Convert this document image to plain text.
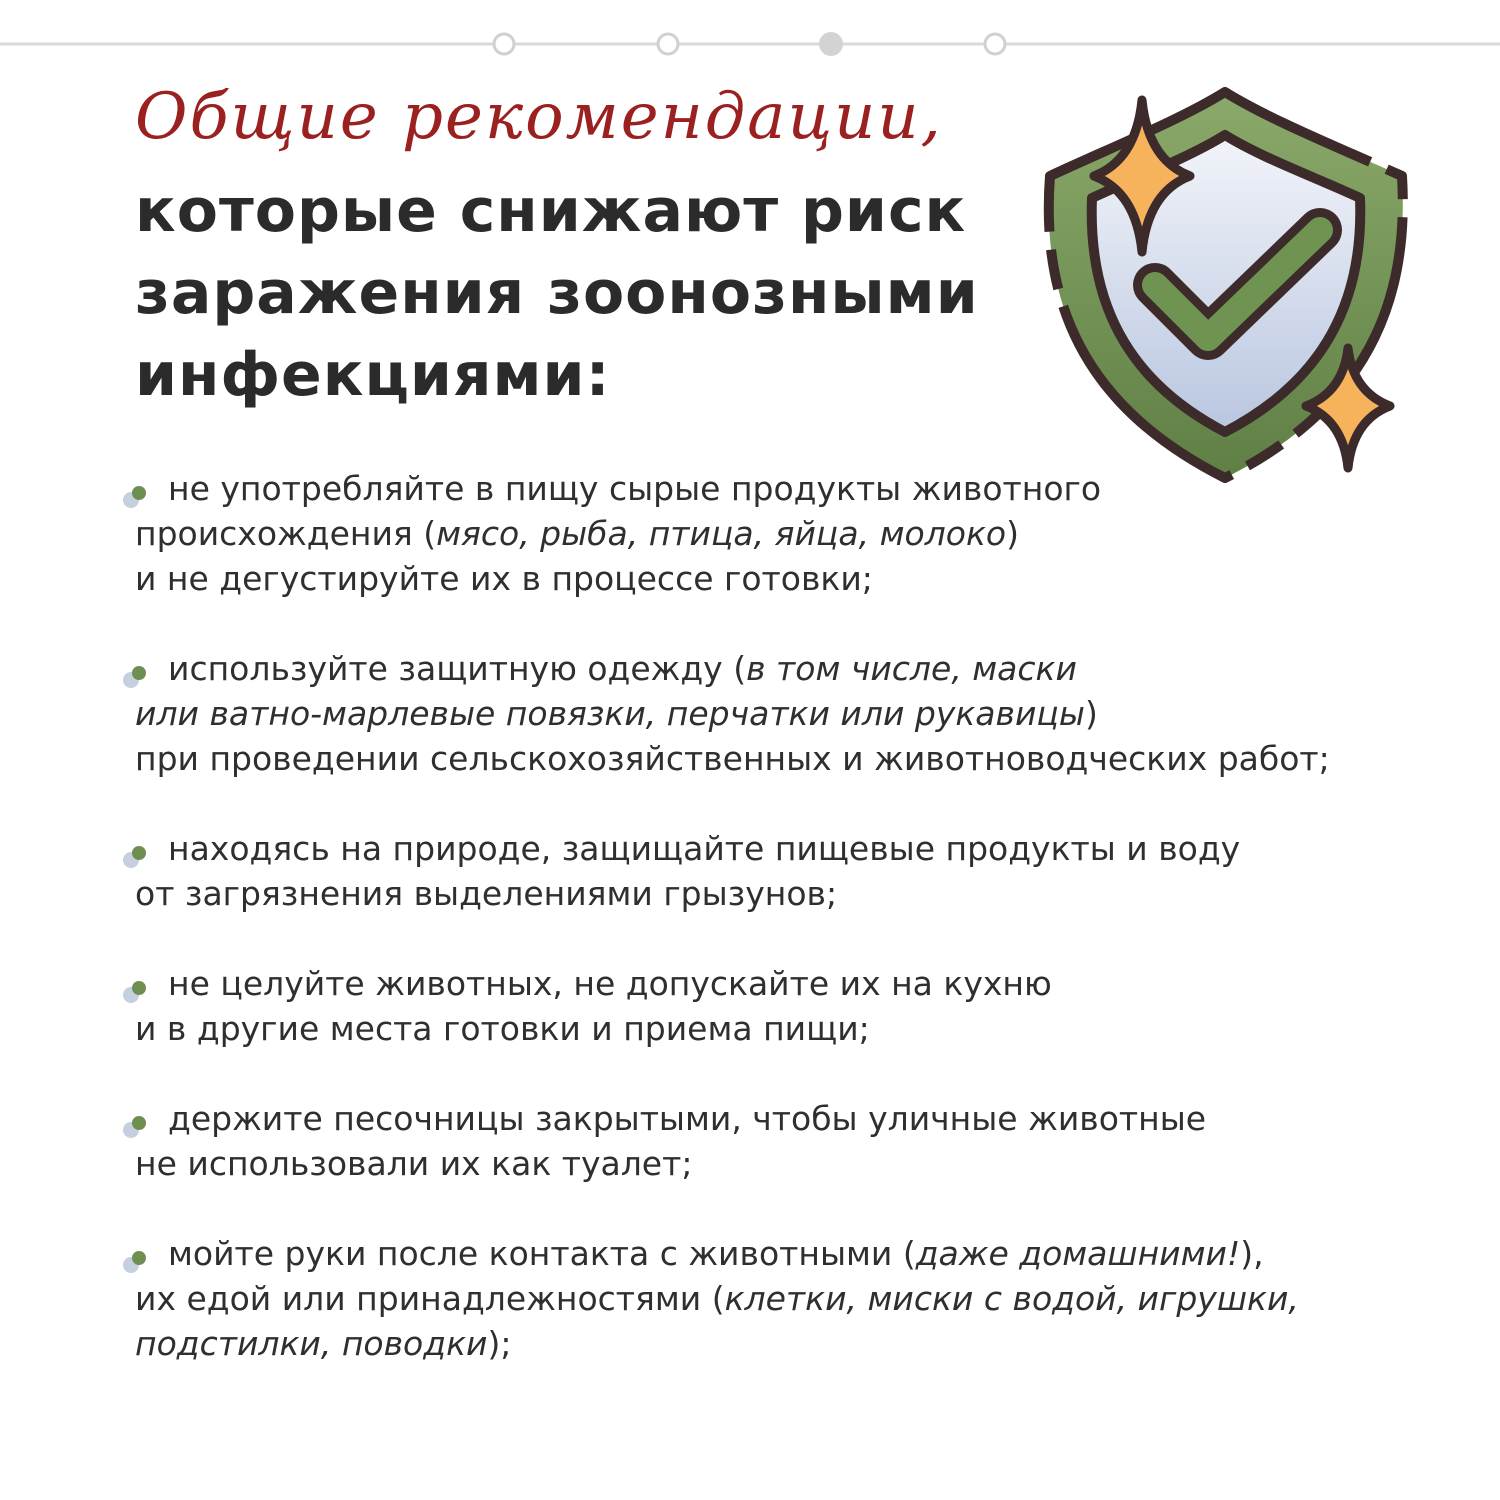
Общие рекомендации,
которые снижают риск
заражения зоонозными
инфекциями:
не употребляйте в пищу сырые продукты животного
происхождения (мясо, рыба, птица, яйца, молоко)
и не дегустируйте их в процессе готовки;
используйте защитную одежду (в том числе, маски
или ватно-марлевые повязки, перчатки или рукавицы)
при проведении сельскохозяйственных и животноводческих работ;
находясь на природе, защищайте пищевые продукты и воду
от загрязнения выделениями грызунов;
не целуйте животных, не допускайте их на кухню
и в другие места готовки и приема пищи;
держите песочницы закрытыми, чтобы уличные животные
не использовали их как туалет;
мойте руки после контакта с животными (даже домашними!),
их едой или принадлежностями (клетки, миски с водой, игрушки,
подстилки, поводки);
